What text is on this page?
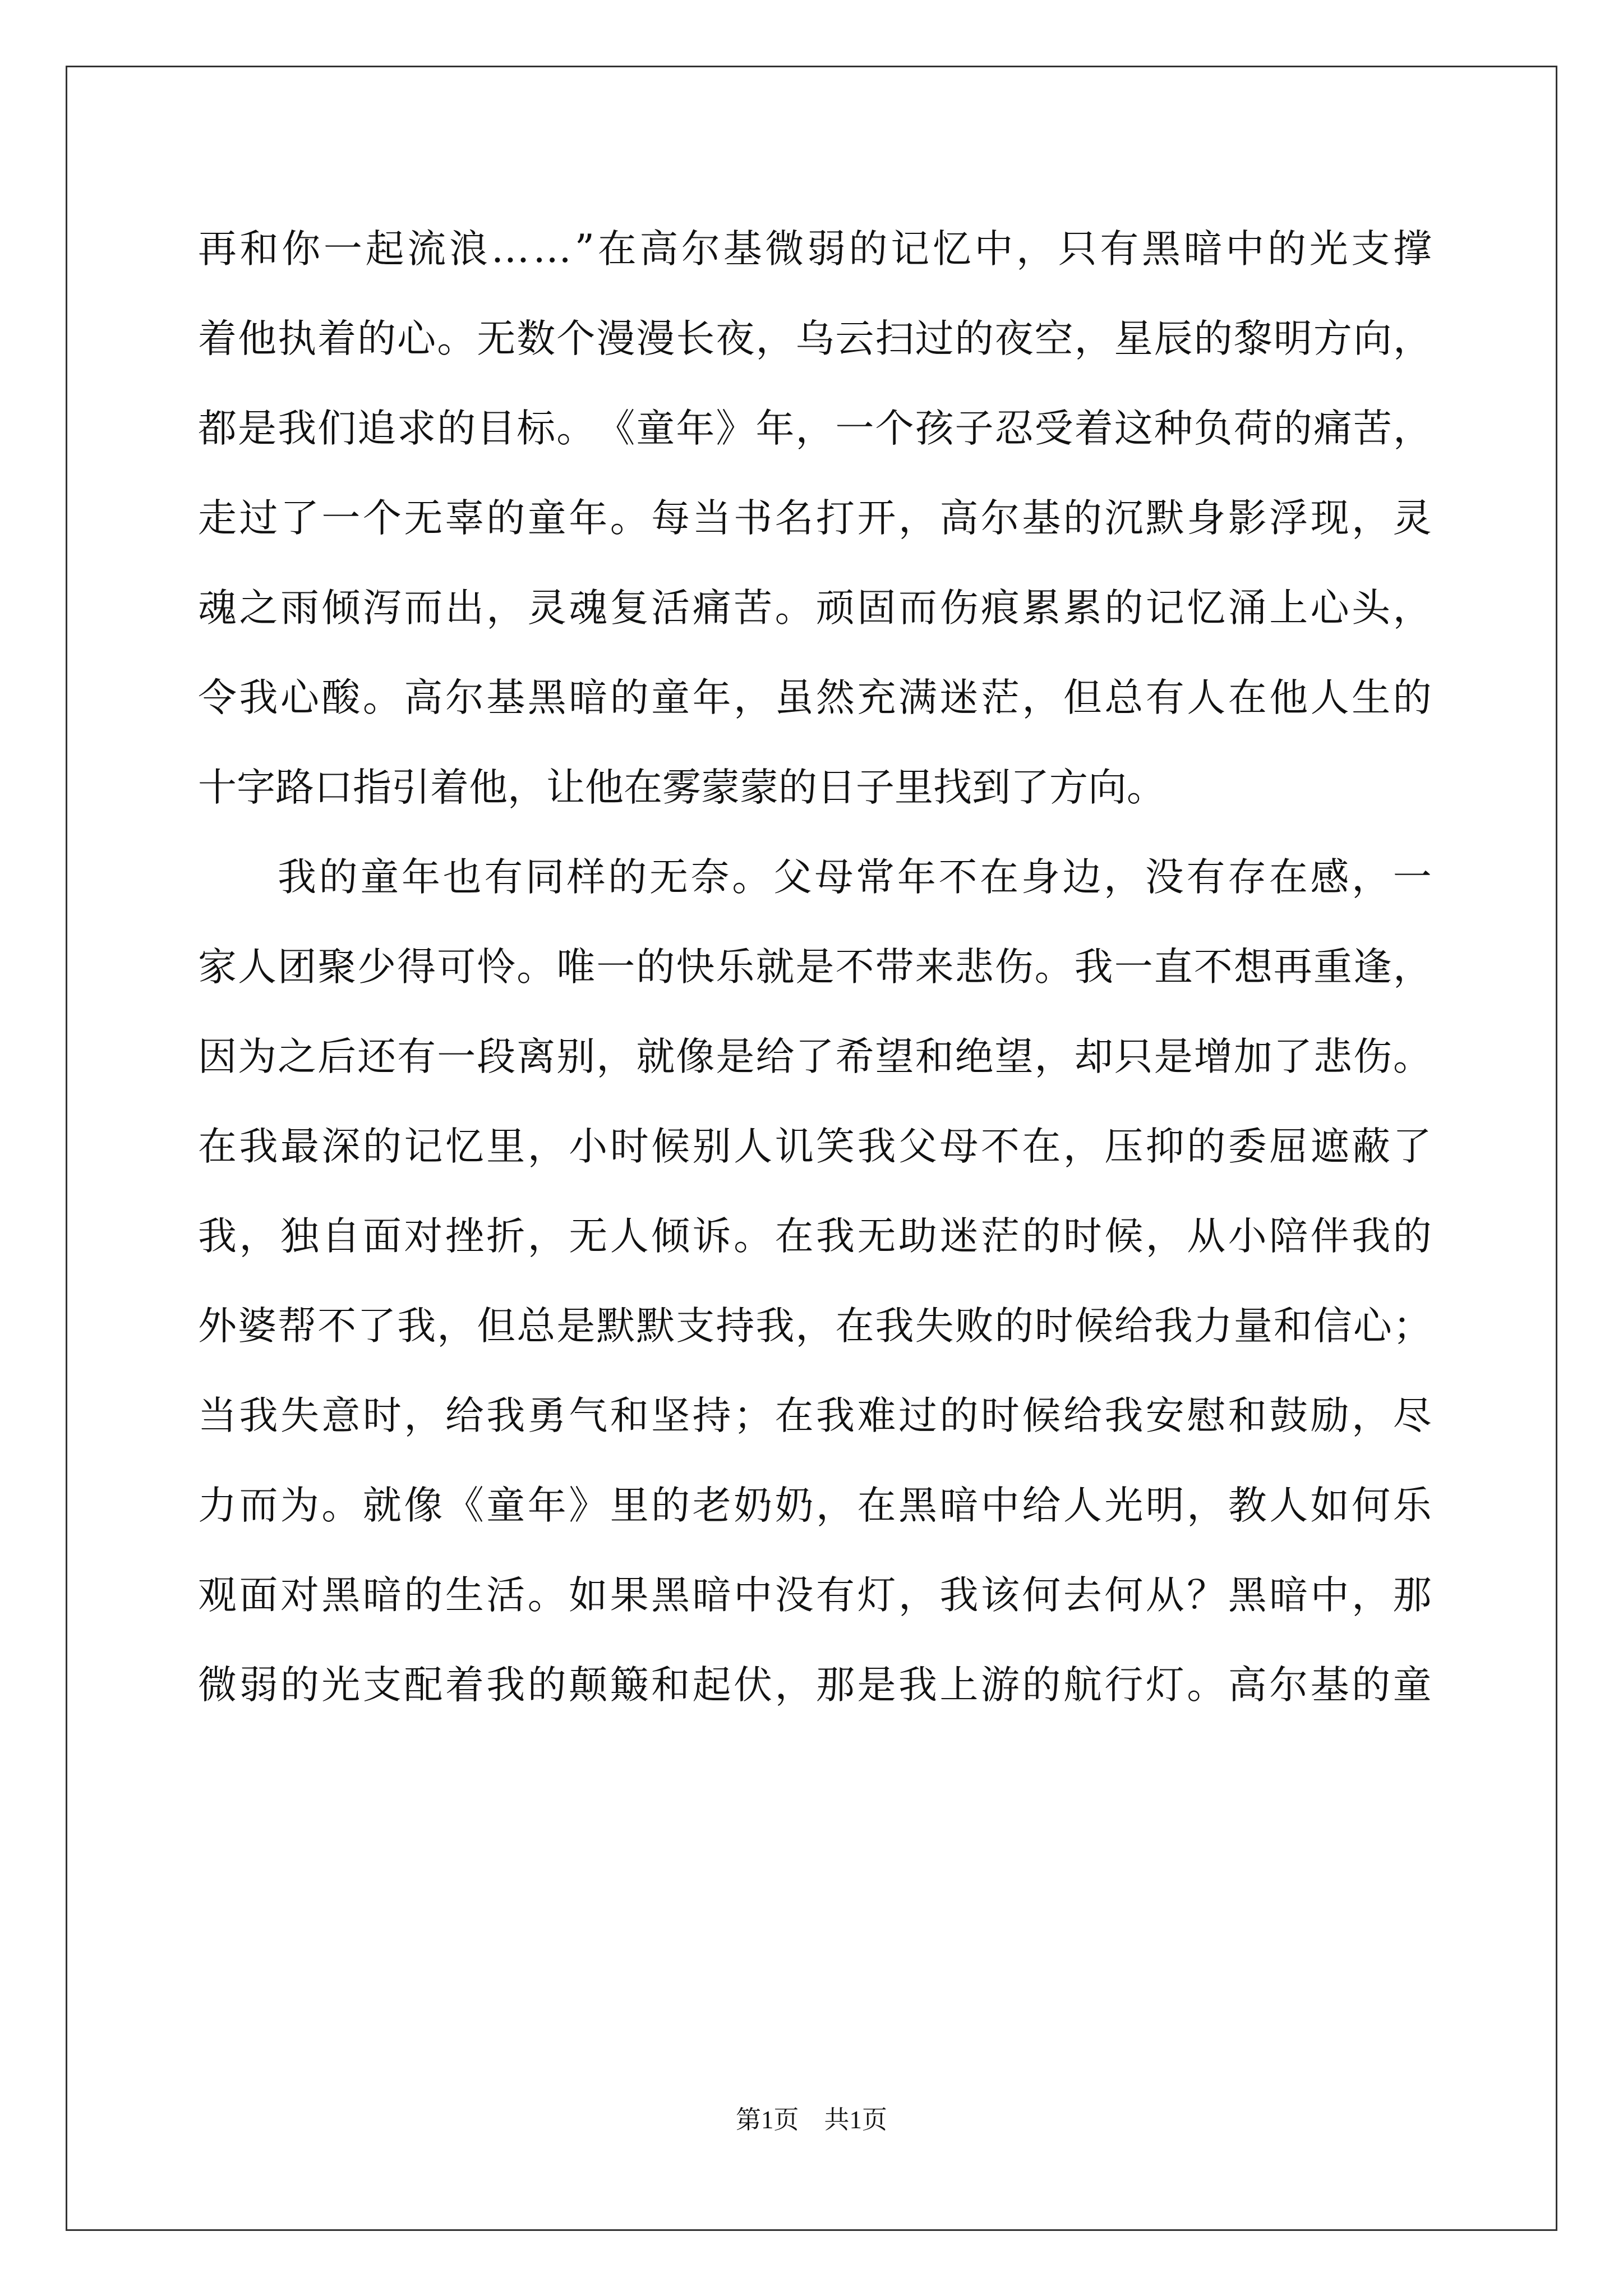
再 和 你 一 起 流 浪 … … ” 在 高 尔 基 微 弱 的 记 忆 中 ， 只 有 黑 暗 中 的 光 支 撑
着 他 执 着 的 心 。 无 数 个 漫 漫 长 夜 ， 乌 云 扫 过 的 夜 空 ， 星 辰 的 黎 明 方 向 ，
都 是 我 们 追 求 的 目 标 。 《 童 年 》 年 ， 一 个 孩 子 忍 受 着 这 种 负 荷 的 痛 苦 ，
走 过 了 一 个 无 辜 的 童 年 。 每 当 书 名 打 开 ， 高 尔 基 的 沉 默 身 影 浮 现 ， 灵
魂 之 雨 倾 泻 而 出 ， 灵 魂 复 活 痛 苦 。 顽 固 而 伤 痕 累 累 的 记 忆 涌 上 心 头 ，
令 我 心 酸 。 高 尔 基 黑 暗 的 童 年 ， 虽 然 充 满 迷 茫 ， 但 总 有 人 在 他 人 生 的
十字路口指引着他，让他在雾蒙蒙的日子里找到了方向。
我 的 童 年 也 有 同 样 的 无 奈 。 父 母 常 年 不 在 身 边 ， 没 有 存 在 感 ， 一
家 人 团 聚 少 得 可 怜 。 唯 一 的 快 乐 就 是 不 带 来 悲 伤 。 我 一 直 不 想 再 重 逢 ，
因 为 之 后 还 有 一 段 离 别 ， 就 像 是 给 了 希 望 和 绝 望 ， 却 只 是 增 加 了 悲 伤 。
在 我 最 深 的 记 忆 里 ， 小 时 候 别 人 讥 笑 我 父 母 不 在 ， 压 抑 的 委 屈 遮 蔽 了
我 ， 独 自 面 对 挫 折 ， 无 人 倾 诉 。 在 我 无 助 迷 茫 的 时 候 ， 从 小 陪 伴 我 的
外 婆 帮 不 了 我 ， 但 总 是 默 默 支 持 我 ， 在 我 失 败 的 时 候 给 我 力 量 和 信 心 ；
当 我 失 意 时 ， 给 我 勇 气 和 坚 持 ； 在 我 难 过 的 时 候 给 我 安 慰 和 鼓 励 ， 尽
力 而 为 。 就 像 《 童 年 》 里 的 老 奶 奶 ， 在 黑 暗 中 给 人 光 明 ， 教 人 如 何 乐
观 面 对 黑 暗 的 生 活 。 如 果 黑 暗 中 没 有 灯 ， 我 该 何 去 何 从 ？ 黑 暗 中 ， 那
微 弱 的 光 支 配 着 我 的 颠 簸 和 起 伏 ， 那 是 我 上 游 的 航 行 灯 。 高 尔 基 的 童
第1页　共1页
